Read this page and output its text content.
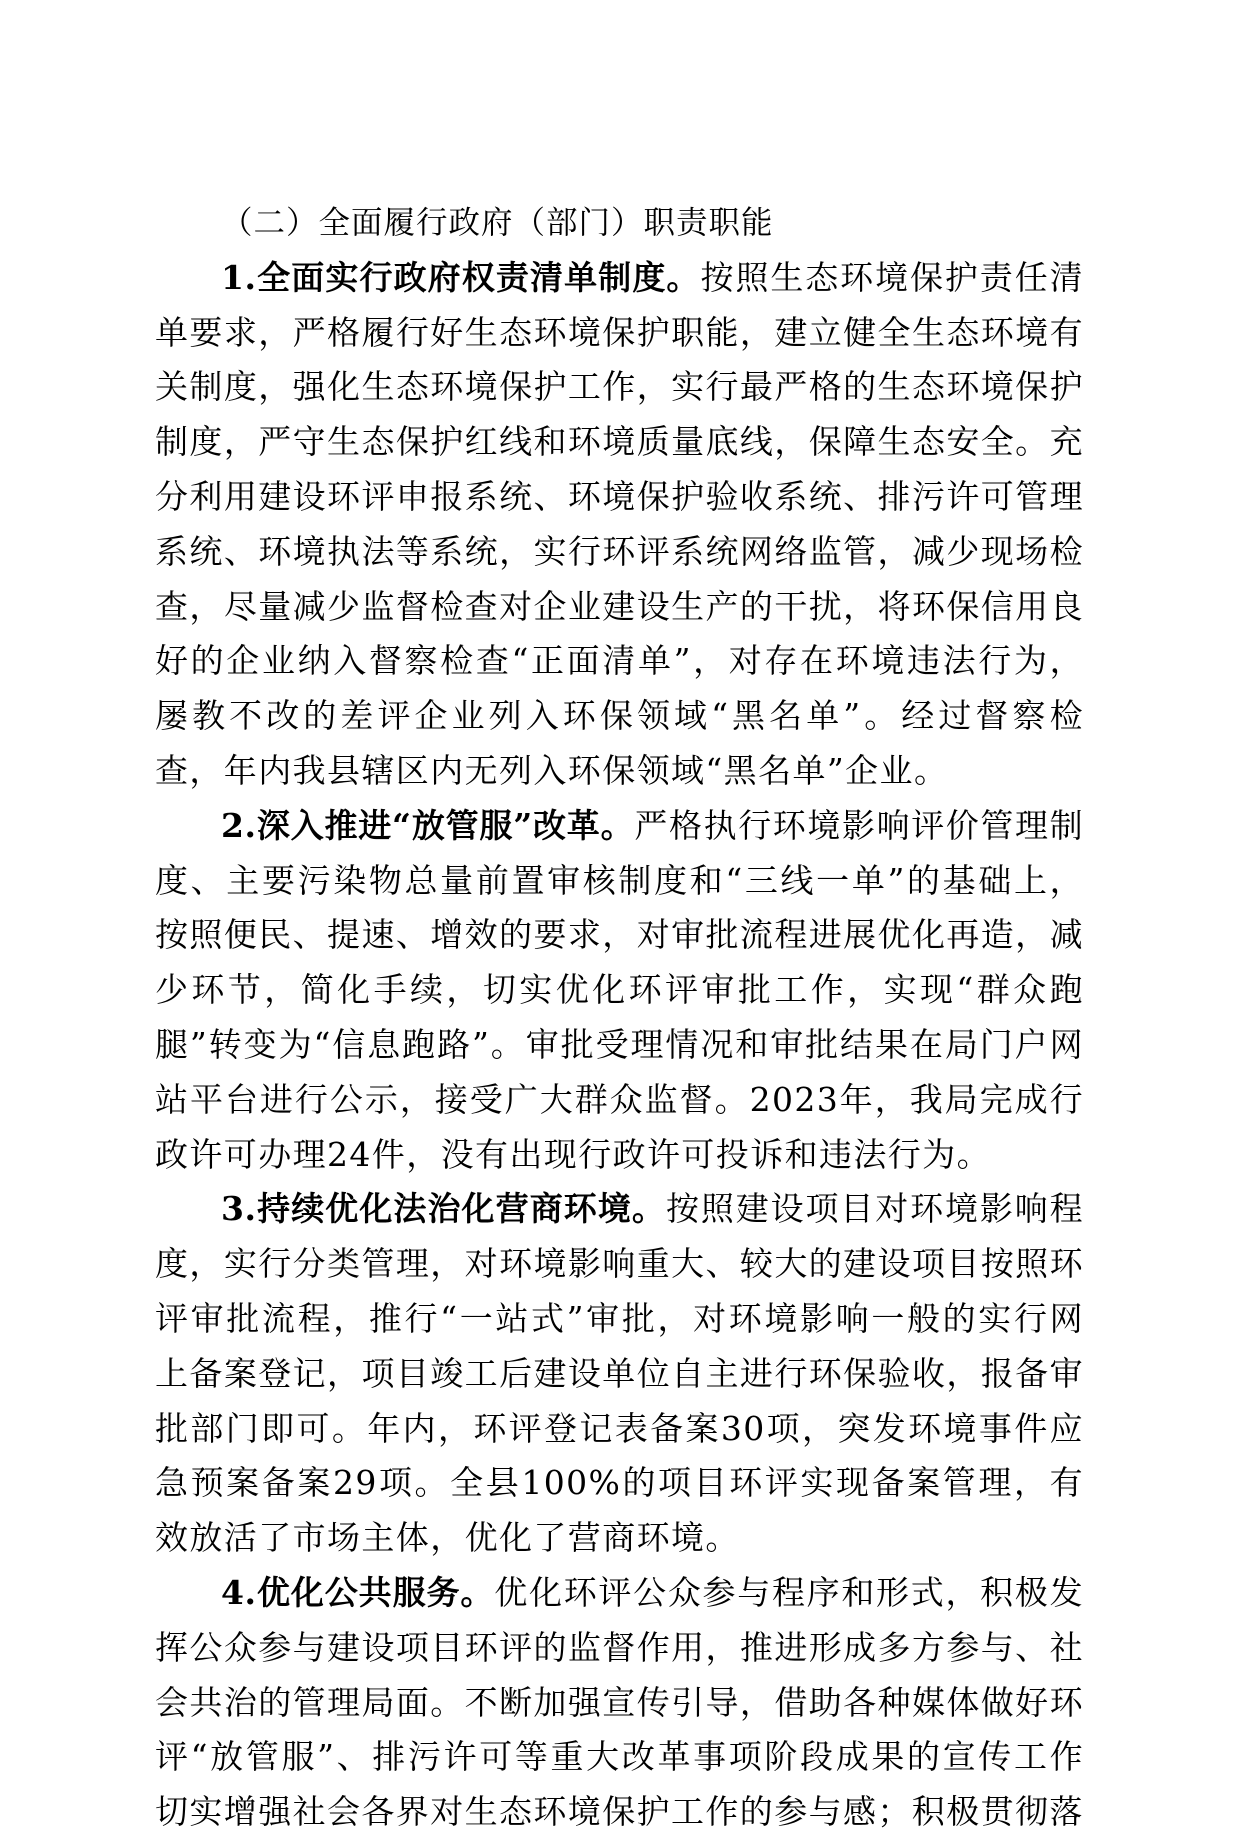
（二）全面履行政府（部门）职责职能

1.全面实行政府权责清单制度。按照生态环境保护责任清单要求，严格履行好生态环境保护职能，建立健全生态环境有关制度，强化生态环境保护工作，实行最严格的生态环境保护制度，严守生态保护红线和环境质量底线，保障生态安全。充分利用建设环评申报系统、环境保护验收系统、排污许可管理系统、环境执法等系统，实行环评系统网络监管，减少现场检查，尽量减少监督检查对企业建设生产的干扰，将环保信用良好的企业纳入督察检查“正面清单”，对存在环境违法行为，屡教不改的差评企业列入环保领域“黑名单”。经过督察检查，年内我县辖区内无列入环保领域“黑名单”企业。

2.深入推进“放管服”改革。严格执行环境影响评价管理制度、主要污染物总量前置审核制度和“三线一单”的基础上，按照便民、提速、增效的要求，对审批流程进展优化再造，减少环节，简化手续，切实优化环评审批工作，实现“群众跑腿”转变为“信息跑路”。审批受理情况和审批结果在局门户网站平台进行公示，接受广大群众监督。2023年，我局完成行政许可办理24件，没有出现行政许可投诉和违法行为。

3.持续优化法治化营商环境。按照建设项目对环境影响程度，实行分类管理，对环境影响重大、较大的建设项目按照环评审批流程，推行“一站式”审批，对环境影响一般的实行网上备案登记，项目竣工后建设单位自主进行环保验收，报备审批部门即可。年内，环评登记表备案30项，突发环境事件应急预案备案29项。全县100%的项目环评实现备案管理，有效放活了市场主体，优化了营商环境。

4.优化公共服务。优化环评公众参与程序和形式，积极发挥公众参与建设项目环评的监督作用，推进形成多方参与、社会共治的管理局面。不断加强宣传引导，借助各种媒体做好环评“放管服”、排污许可等重大改革事项阶段成果的宣传工作切实增强社会各界对生态环境保护工作的参与感；积极贯彻落
